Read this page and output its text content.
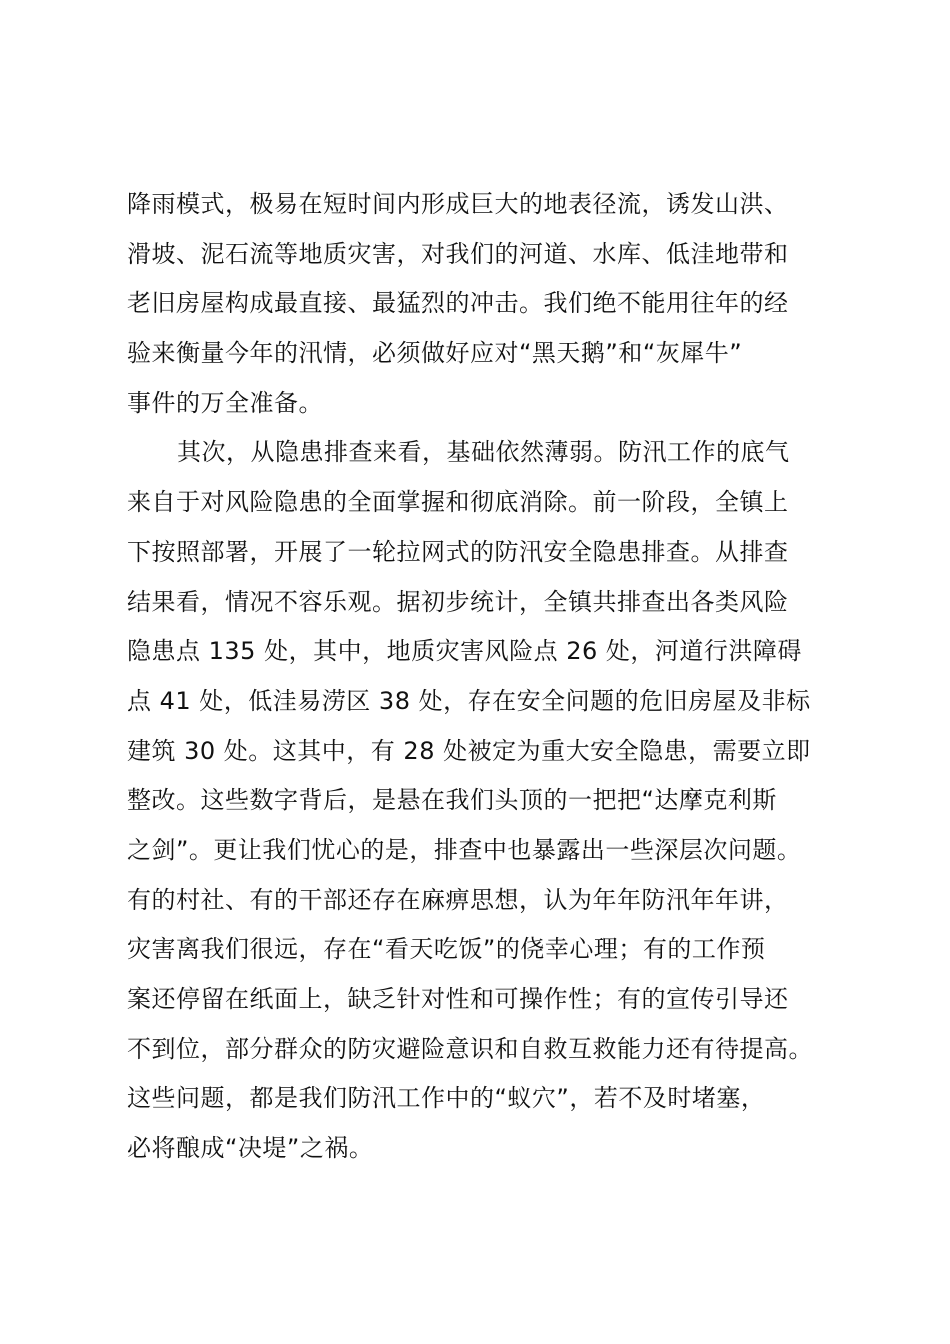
降雨模式，极易在短时间内形成巨大的地表径流，诱发山洪、
滑坡、泥石流等地质灾害，对我们的河道、水库、低洼地带和
老旧房屋构成最直接、最猛烈的冲击。我们绝不能用往年的经
验来衡量今年的汛情，必须做好应对“黑天鹅”和“灰犀牛”
事件的万全准备。
其次，从隐患排查来看，基础依然薄弱。防汛工作的底气
来自于对风险隐患的全面掌握和彻底消除。前一阶段，全镇上
下按照部署，开展了一轮拉网式的防汛安全隐患排查。从排查
结果看，情况不容乐观。据初步统计，全镇共排查出各类风险
隐患点 135 处，其中，地质灾害风险点 26 处，河道行洪障碍
点 41 处，低洼易涝区 38 处，存在安全问题的危旧房屋及非标
建筑 30 处。这其中，有 28 处被定为重大安全隐患，需要立即
整改。这些数字背后，是悬在我们头顶的一把把“达摩克利斯
之剑”。更让我们忧心的是，排查中也暴露出一些深层次问题。
有的村社、有的干部还存在麻痹思想，认为年年防汛年年讲，
灾害离我们很远，存在“看天吃饭”的侥幸心理；有的工作预
案还停留在纸面上，缺乏针对性和可操作性；有的宣传引导还
不到位，部分群众的防灾避险意识和自救互救能力还有待提高。
这些问题，都是我们防汛工作中的“蚁穴”，若不及时堵塞，
必将酿成“决堤”之祸。
